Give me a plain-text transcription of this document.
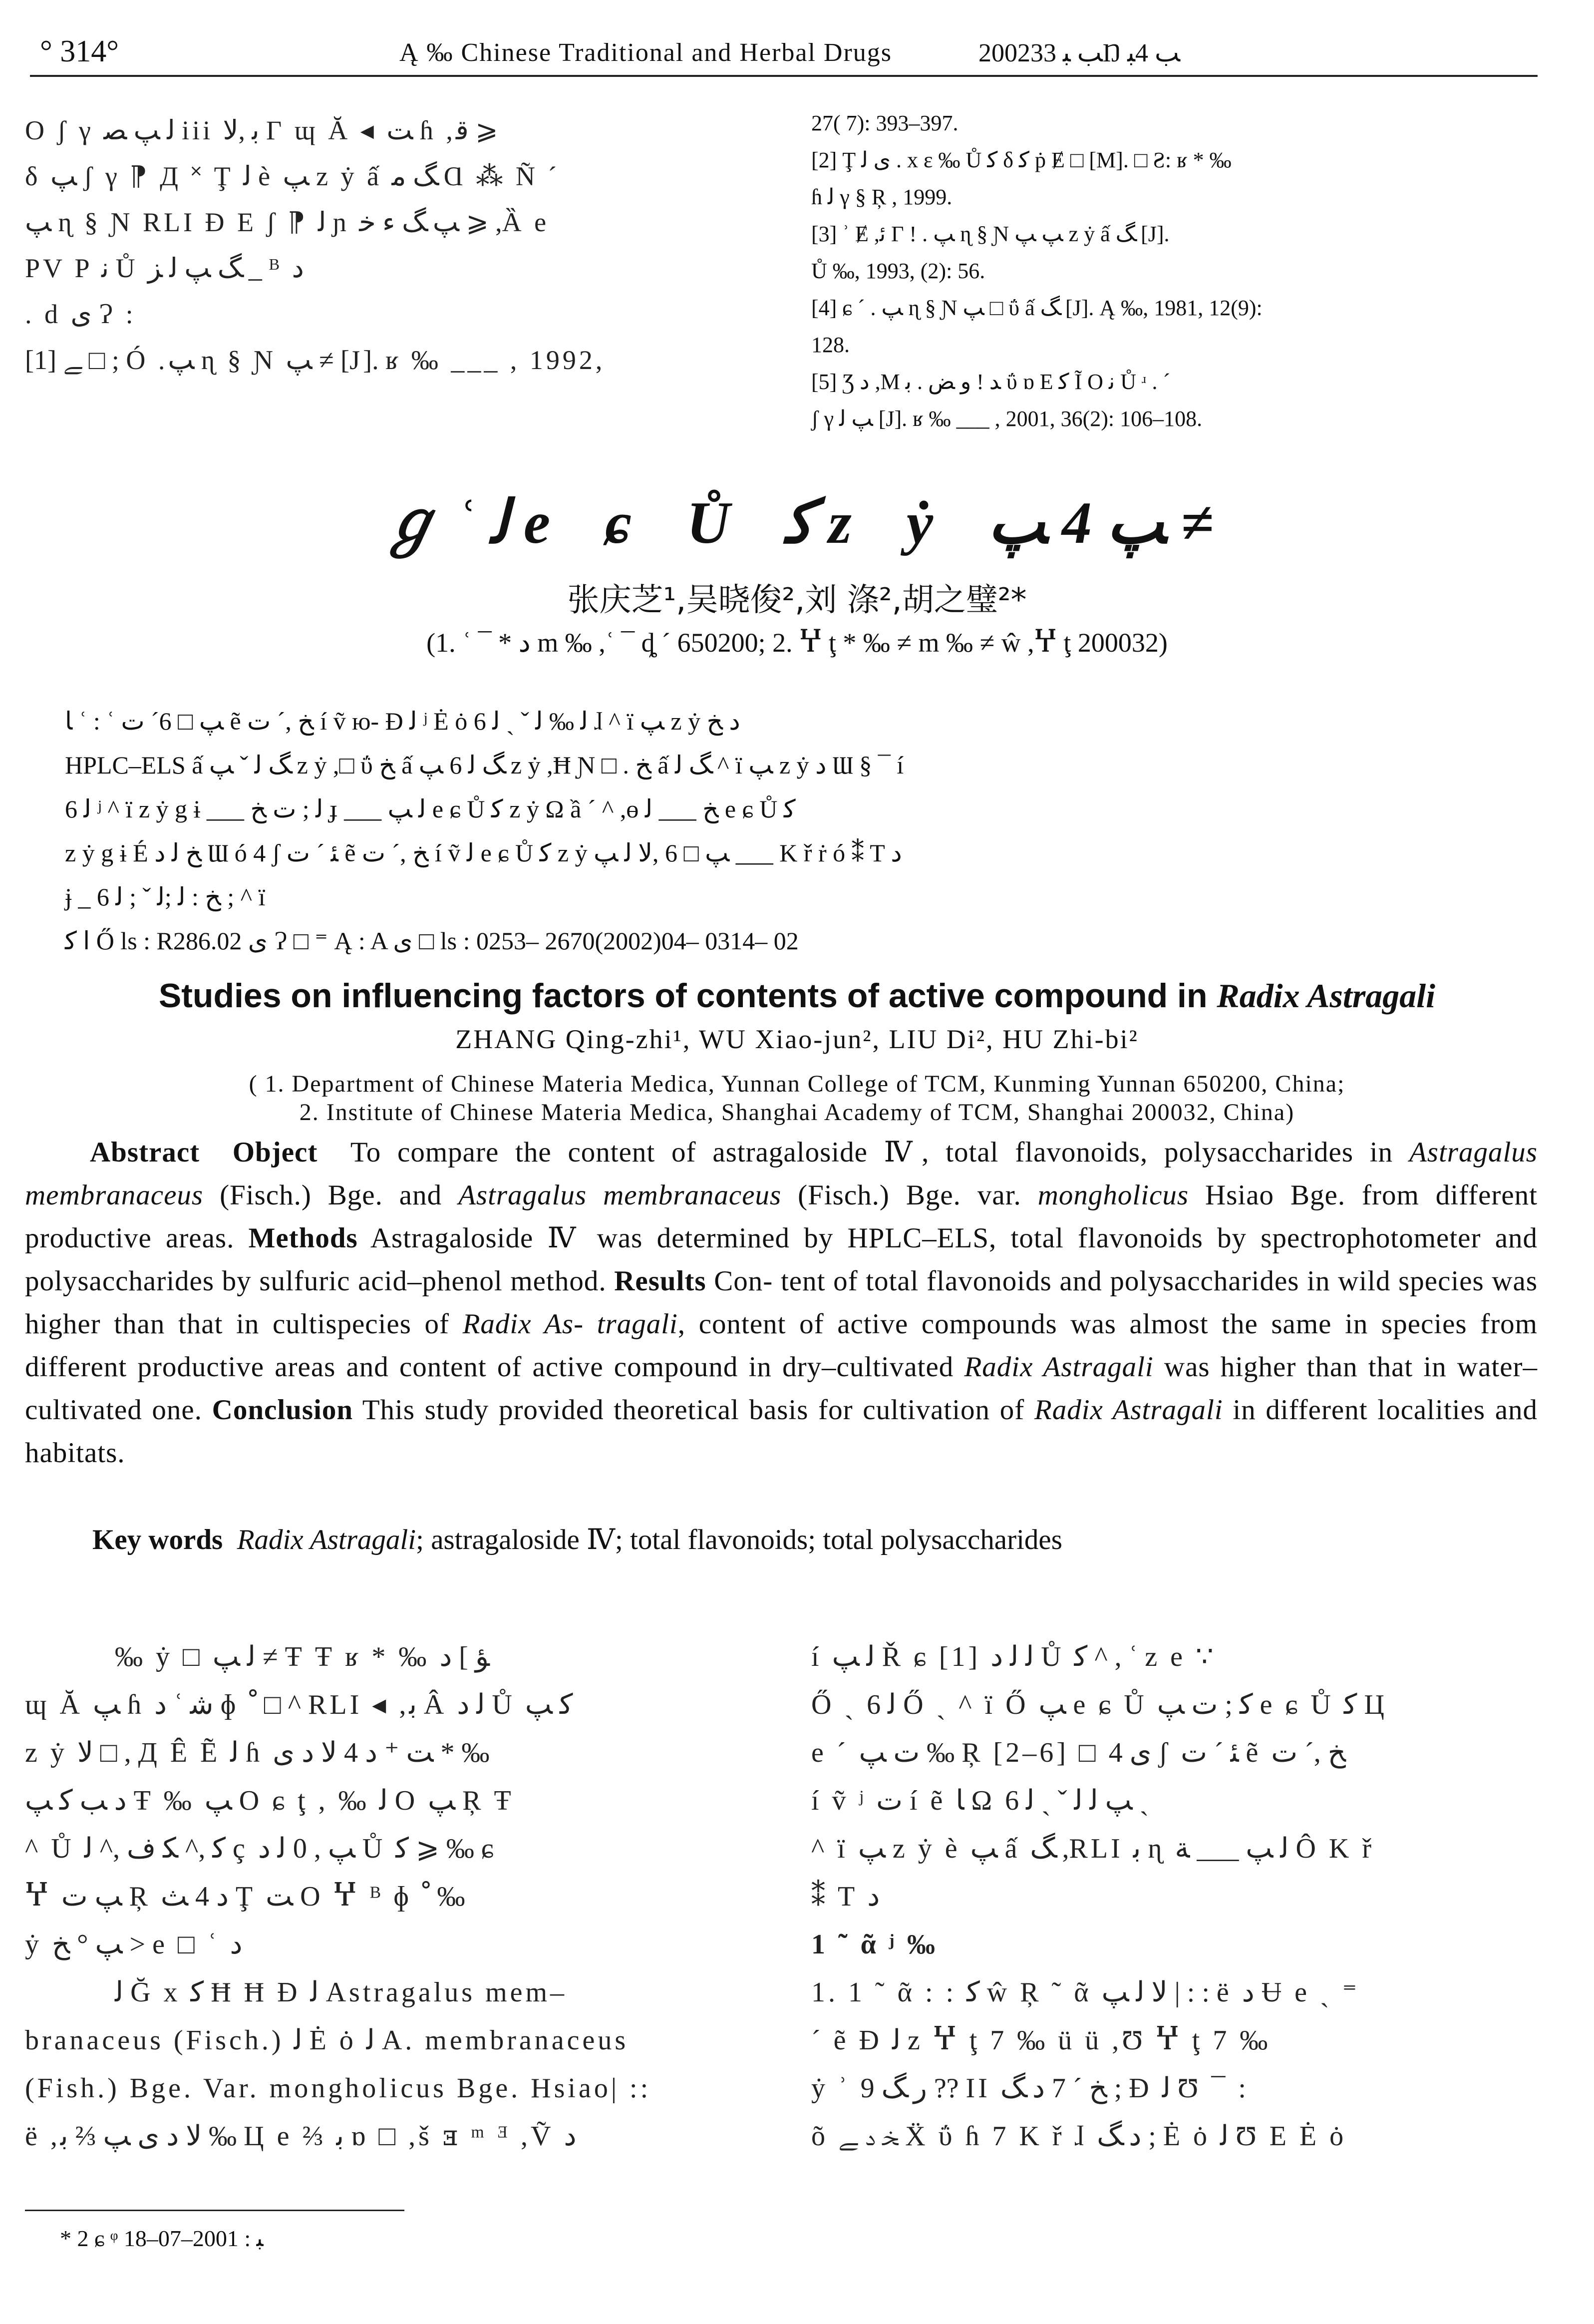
° 314°	Ą ‰ Chinese Traditional and Herbal Drugs	2002ﺐ ﺒ 33Ŋ ﺐ 4ﺒ

O ʃ γ ﻟ ﭗ ﺼ iii ﺑ ,ﻻ Γ ɰ Ă ◂ ﺖ ɦ ,ﻗ ⩾

δ ﭗ ʃ γ ⁋ Д ˟ Ţ ﻟ è ﭗ z ẏ ấ ﮓ ﻣ Ɑ ⁂ Ñ ˊ

ﭗ ɳ § Ɲ RLI Ɖ E ʃ ⁋ ﻟ ɲ ﭗ ﮓ ﺀ ﺧ ⩾ ,Ȁ e

PV P ﻧ Ů ﮓ ﭗ ﻟ ﺰ _ ᴮ ﺩ

. d ﻯ Ɂ :

[1] ﮯ □ ; Ó .ﭗ ɳ § Ɲ ﭗ ≠ [J]. ʁ ‰ ___ , 1992,

27( 7): 393–397.

[2] Ţ ﯼ ﻟ . x ɛ ‰ Ů ﮐ δ ﮐ ṗ Ɇ □ [M]. □ Ƨ: ʁ * ‰

ɦ ﻟ γ § Ŗ , 1999.

[3] ʾ Ɇ ,ﺋ Γ ! . ﭗ ɳ § Ɲ ﭗ ﭗ z ẏ ấ ﮓ [J].

Ů ‰, 1993, (2): 56.

[4] ɕ ˊ . ﭗ ɳ § Ɲ ﭗ □ ΰ ấ ﮓ [J]. Ą ‰, 1981, 12(9):

128.

[5] Ʒ ﺩ ,M ﺪ ! ﻭ ﺾ . ﺑ ΰ ɒ E ﮐ Ĩ O ﻧ Ů ʴ . ˊ

ʃ γ ﭗ ﻟ [J]. ʁ ‰ ___ , 2001, 36(2): 106–108.

ℊ ʿ ﻟ e ɕ Ů ﮐ z ẏ ﭗ 4 ﭗ ≠
张庆芝¹,吴晓俊²,刘 涤²,胡之璧²*
(1. ʿ ¯ * ﺩ m ‰ ,ʿ ¯ ȡ ˊ 650200; 2. Ⴤ ţ * ‰ ≠ m ‰ ≠ ŵ ,Ⴤ ţ 200032)

ﺎ ʿ : ʿ ﭗ □ 6ˊ ﺕ ẽ ﺦ ,ˊ ﺕ í ṽ ю‑ Ɖ ﻟ ʲ Ė ȯ ﻟ ‰ ﻟ ˇ ˎ ﻟ 6 ɺ ^ ï ﭗ z ẏ ﺩ ﺦ

HPLC–ELS ấ ﮓ ﻟ ˇ ﭗ z ẏ ,□ ΰ ﺦ ấ ﮓ ﻟ 6 ﭗ z ẏ ,Ħ Ɲ □ . ﺦ ấ ﮓ ﻟ ^ ï ﭗ z ẏ ﺩ Ɯ § ¯ í

ﻟ 6 ʲ ^ ï z ẏ g ɨ ___ ﻟ ; ﺕ ﺦ ɟ ___ ﻟ ﭗ e ɕ Ů ﮐ z ẏ Ω ầ ˊ ^ ,ɵ ﺦ ___ ﻟ e ɕ Ů ﮐ

z ẏ g ɨ É ﺦ ﻟ ﺩ Ɯ ó 4 ʃ ﺌ ˊ ﺕ ẽ ﺦ ,ˊ ﺕ í ṽ ﻟ e ɕ Ů ﮐ z ẏ ﭗ □ 6 ,ﻻ ﻟ ﭗ ___ K ř ṙ ó ⁑ T ﺩ

ɉ _ ﺦ : ﻟ ;ﻟ ˇ ; ﻟ 6 ; ^ ï

ﺍ ﮐ Ő ls : R286.02 ﻯ Ɂ □ ⁼ Ą : A ﻯ □ ls : 0253– 2670(2002)04– 0314– 02

Studies on influencing factors of contents of active compound in Radix Astragali
ZHANG Qing-zhi¹, WU Xiao-jun², LIU Di², HU Zhi-bi²
( 1. Department of Chinese Materia Medica, Yunnan College of TCM, Kunming Yunnan 650200, China;
2. Institute of Chinese Materia Medica, Shanghai Academy of TCM, Shanghai 200032, China)
Abstract Object To compare the content of astragaloside Ⅳ, total flavonoids, polysaccharides in Astragalus membranaceus (Fisch.) Bge. and Astragalus membranaceus (Fisch.) Bge. var. mongholicus Hsiao Bge. from different productive areas. Methods Astragaloside Ⅳ was determined by HPLC–ELS, total flavonoids by spectrophotometer and polysaccharides by sulfuric acid–phenol method. Results Con- tent of total flavonoids and polysaccharides in wild species was higher than that in cultispecies of Radix As- tragali, content of active compounds was almost the same in species from different productive areas and content of active compound in dry–cultivated Radix Astragali was higher than that in water–cultivated one. Conclusion This study provided theoretical basis for cultivation of Radix Astragali in different localities and habitats.
Key words Radix Astragali; astragaloside Ⅳ; total flavonoids; total polysaccharides

‰ ẏ □ ﻟ ﭗ ≠ Ŧ Ŧ ʁ * ‰ ﺆ ] ﺩ

ɰ Ă ﭗ ɦ ﺩ ʿ ﺷ ɸ ﹾ □ ^ RLI ◂ ,ﺑ Â ﻟ ﺩ Ů ﮐ ﭗ

z ẏ ﻻ □ , Д Ê Ẽ ﻟ ɦ ﺖ ⁺ ﺩ 4 ﻻ ﺩ ﻯ * ‰

ﺩ ﺐ ﮐ ﭗ Ŧ ‰ ﭗ O ɕ ţ , ‰ ﻟ O ﭗ Ŗ Ŧ

^ Ů ﮐ ,^ ﻜ ﻑ ,^ ﻟ ç ﭗ , 0 ﻟ ﺩ Ů ﮐ ⩾ ‰ ɕ

Ⴤ ﭗ ﺕ Ŗ ﺩ 4 ﺚ Ţ ﺖ O Ⴤ ᴮ ɸ ﹾ ‰

ẏ ﭗ ° ﺦ > e □ ʿ ﺩ

ﻟ Ğ x ﮐ Ħ Ħ Ɖ ﻟ Astragalus mem–

branaceus (Fisch.) ﻟ Ė ȯ ﻟ A. membranaceus

(Fish.) Bge. Var. mongholicus Bge. Hsiao| ::

ë ,ﻻ ﺩ ﻯ ﭗ ⅔ ﺑ ‰ Ц e ⅔ ﺑ ɒ □ ,š ⱻ ᵐ ᴲ ,Ṽ ﺩ

í ﻟ ﭗ Ř ɕ [1] ﻟ ﻟ ﺩ Ů ﮐ ^ , ʿ z e ∵

Ő ˎ ﻟ 6 Ő ˎ ^ ï Ő ﭗ e ɕ Ů ﮐ ; ﺕ ﭗ e ɕ Ů ﮐ Ц

e ˊ ﺕ ﭗ ‰ Ŗ [2–6] □ ﻯ 4 ʃ ﺌ ˊ ﺕ ẽ ﺦ ,ˊ ﺕ

í ṽ ʲ ﺕ í ẽ ﺎ Ω ﭗ ﻟ ﻟ ˇ ˎ ﻟ 6 ˎ

^ ï ﭗ z ẏ è ﭗ ấ ﮓ ,RLI ﺑ ɳ ﻟ ﭗ ___ ﺔ Ô K ř

⁑ T ﺩ

1 ˜ ᾶ ʲ ‰

1. 1 ˜ ᾶ : : ﮐ ŵ Ŗ ˜ ᾶ ﻻ ﻟ ﭗ | : : ë ﺩ Ʉ e ˎ ⁼

ˊ ẽ Ɖ ﻟ z Ⴤ ţ 7 ‰ ü ü ,Ʊ Ⴤ ţ 7 ‰

ẏ ʾ ﺭ ﮓ 9 ?? II ﺦ ˊ 7 ﺩ ﮓ ; Ɖ ﻟ Ʊ ¯ :

õ ﺨ ﺩ ﮯ Ẍ ΰ ɦ 7 K ř ɺ ﺩ ﮓ ; Ė ȯ ﻟ Ʊ E Ė ȯ

* 2 ɕ ᵠ ﺒ : 2001–07–18
